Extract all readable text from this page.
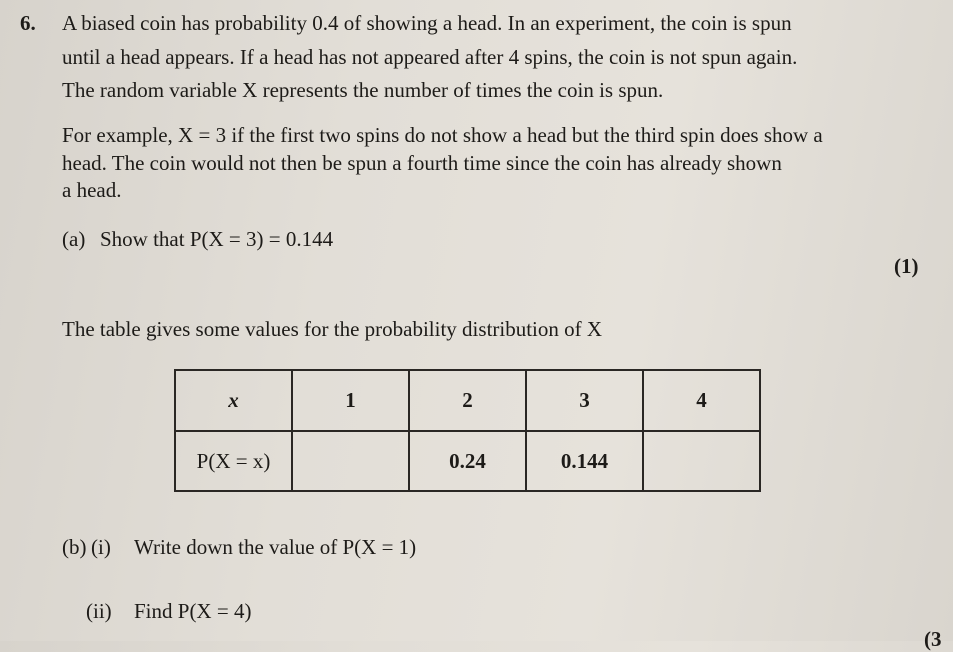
6. A biased coin has probability 0.4 of showing a head. In an experiment, the coin is spun
until a head appears. If a head has not appeared after 4 spins, the coin is not spun again.
The random variable X represents the number of times the coin is spun.
For example, X = 3 if the first two spins do not show a head but the third spin does show a
head. The coin would not then be spun a fourth time since the coin has already shown
a head.
(a) Show that P(X = 3) = 0.144
(1)
The table gives some values for the probability distribution of X
x	1	2	3	4
P(X = x)		0.24	0.144	
(b) (i) Write down the value of P(X = 1)
(ii) Find P(X = 4)
(3
